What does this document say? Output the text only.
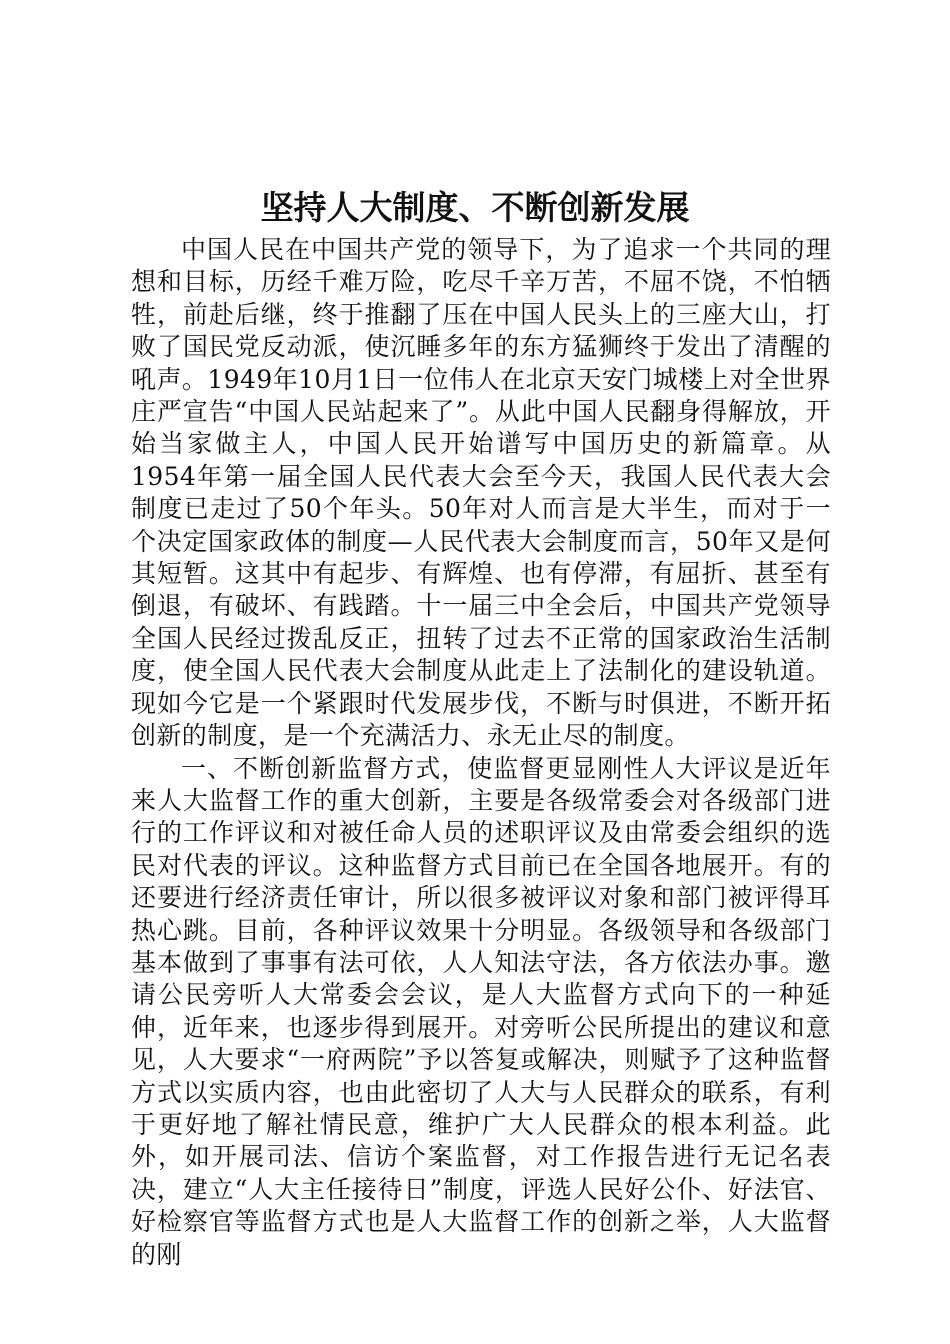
坚持人大制度、不断创新发展

中国人民在中国共产党的领导下，为了追求一个共同的理想和目标，历经千难万险，吃尽千辛万苦，不屈不饶，不怕牺牲，前赴后继，终于推翻了压在中国人民头上的三座大山，打败了国民党反动派，使沉睡多年的东方猛狮终于发出了清醒的吼声。1949年10月1日一位伟人在北京天安门城楼上对全世界庄严宣告“中国人民站起来了”。从此中国人民翻身得解放，开始当家做主人，中国人民开始谱写中国历史的新篇章。从1954年第一届全国人民代表大会至今天，我国人民代表大会制度已走过了50个年头。50年对人而言是大半生，而对于一个决定国家政体的制度—人民代表大会制度而言，50年又是何其短暂。这其中有起步、有辉煌、也有停滞，有屈折、甚至有倒退，有破坏、有践踏。十一届三中全会后，中国共产党领导全国人民经过拨乱反正，扭转了过去不正常的国家政治生活制度，使全国人民代表大会制度从此走上了法制化的建设轨道。现如今它是一个紧跟时代发展步伐，不断与时俱进，不断开拓创新的制度，是一个充满活力、永无止尽的制度。

一、不断创新监督方式，使监督更显刚性人大评议是近年来人大监督工作的重大创新，主要是各级常委会对各级部门进行的工作评议和对被任命人员的述职评议及由常委会组织的选民对代表的评议。这种监督方式目前已在全国各地展开。有的还要进行经济责任审计，所以很多被评议对象和部门被评得耳热心跳。目前，各种评议效果十分明显。各级领导和各级部门基本做到了事事有法可依，人人知法守法，各方依法办事。邀请公民旁听人大常委会会议，是人大监督方式向下的一种延伸，近年来，也逐步得到展开。对旁听公民所提出的建议和意见，人大要求“一府两院”予以答复或解决，则赋予了这种监督方式以实质内容，也由此密切了人大与人民群众的联系，有利于更好地了解社情民意，维护广大人民群众的根本利益。此外，如开展司法、信访个案监督，对工作报告进行无记名表决，建立“人大主任接待日”制度，评选人民好公仆、好法官、好检察官等监督方式也是人大监督工作的创新之举，人大监督的刚
